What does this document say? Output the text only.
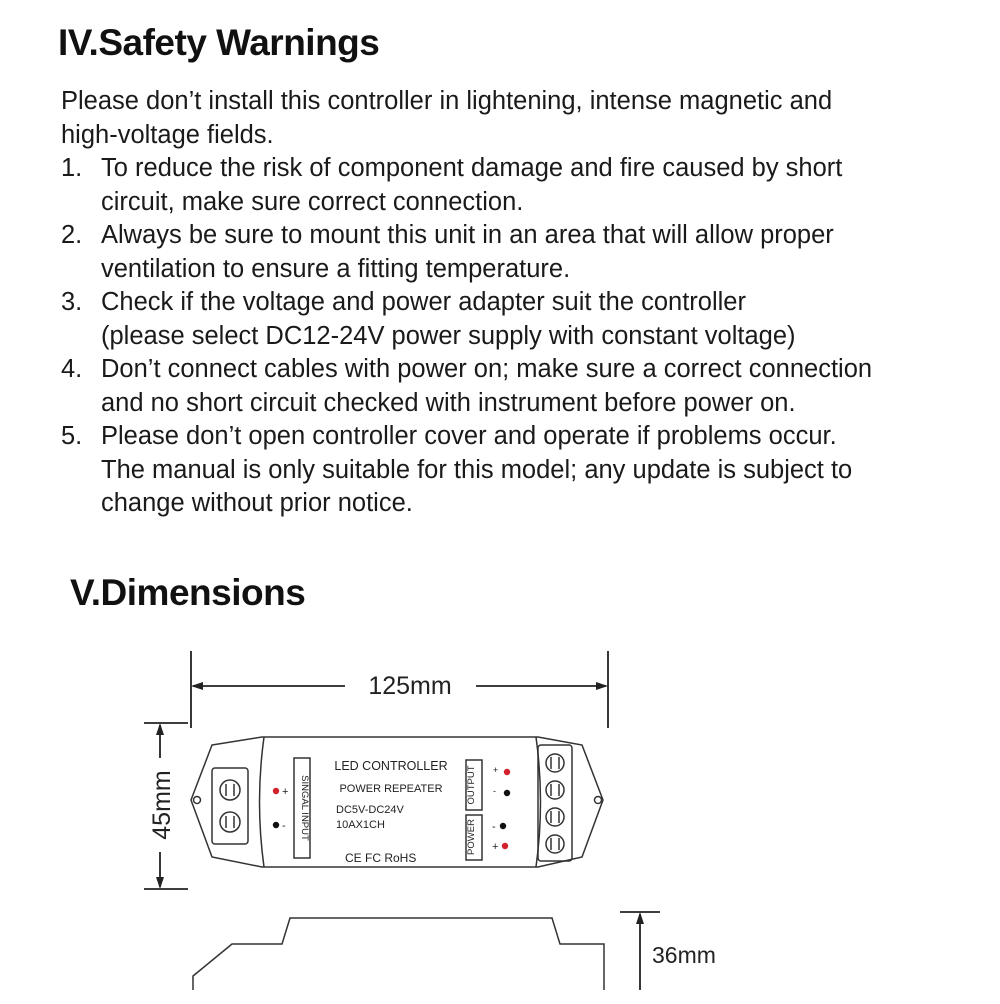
IV.Safety Warnings

Please don’t install this controller in lightening, intense magnetic and
high-voltage fields.

1. To reduce the risk of component damage and fire caused by short
circuit, make sure correct connection.
2. Always be sure to mount this unit in an area that will allow proper
ventilation to ensure a fitting temperature.
3. Check if the voltage and power adapter suit the controller
(please select DC12-24V power supply with constant voltage)
4. Don’t connect cables with power on; make sure a correct connection
and no short circuit checked with instrument before power on.
5. Please don’t open controller cover and operate if problems occur.
The manual is only suitable for this model; any update is subject to
change without prior notice.
V.Dimensions
125mm
45mm
36mm
LED CONTROLLER
POWER REPEATER
DC5V-DC24V
10AX1CH
CE FC RoHS
SINGAL INPUT	OUTPUT
POWER
+
-
+
-
-
+
